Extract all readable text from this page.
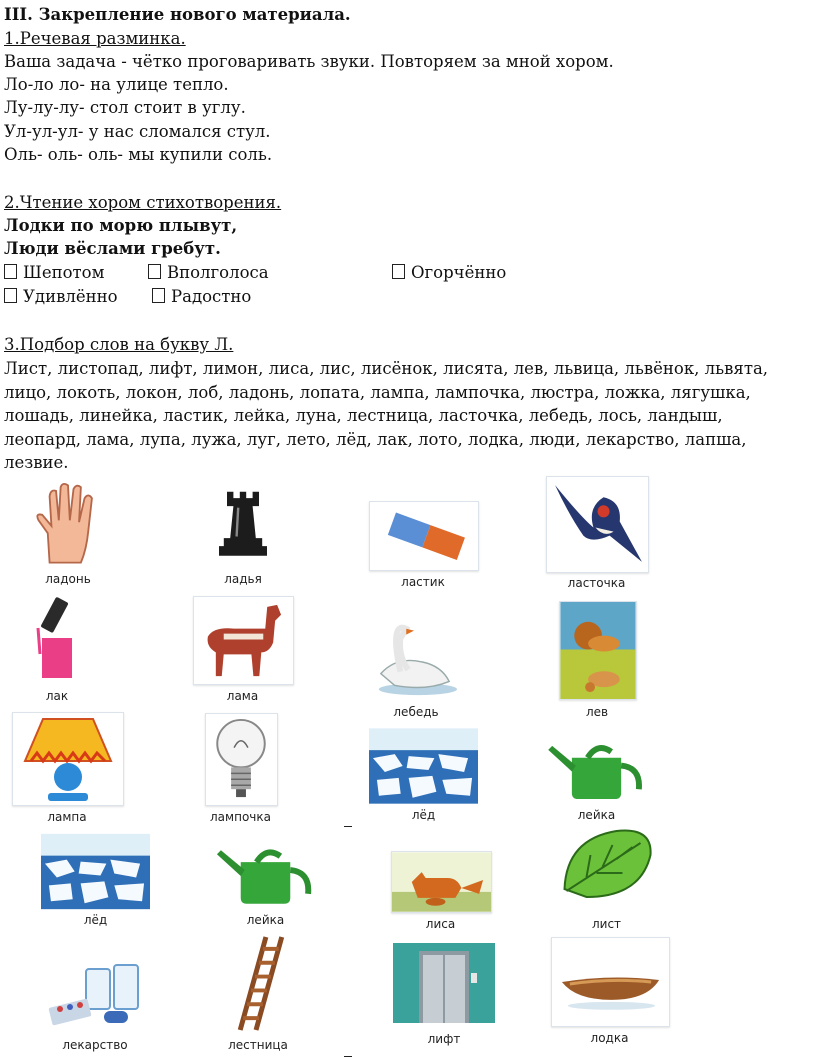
III. Закрепление нового материала.
1.Речевая разминка.
Ваша задача - чётко проговаривать звуки. Повторяем за мной хором.
Ло-ло ло- на улице тепло.
Лу-лу-лу- стол стоит в углу.
Ул-ул-ул- у нас сломался стул.
Оль- оль- оль- мы купили соль.
2.Чтение хором стихотворения.
Лодки по морю плывут,
Люди вёслами гребут.
Шепотом	Вполголоса	Огорчённо
Удивлённо	Радостно
3.Подбор слов на букву Л.
Лист, листопад, лифт, лимон, лиса, лис, лисёнок, лисята, лев, львица, львёнок, львята, лицо, локоть, локон, лоб, ладонь, лопата, лампа, лампочка, люстра, ложка, лягушка, лошадь, линейка, ластик, лейка, луна, лестница, ласточка, лебедь, лось, ландыш, леопард, лама, лупа, лужа, луг, лето, лёд, лак, лото, лодка, люди, лекарство, лапша, лезвие.
ладонь	ладья	ластик	ласточка
лак	лама
лебедь	лев
лампа	лампочка	лёд	лейка
лёд	лейка	лиса	лист
лекарство	лестница	лифт	лодка
